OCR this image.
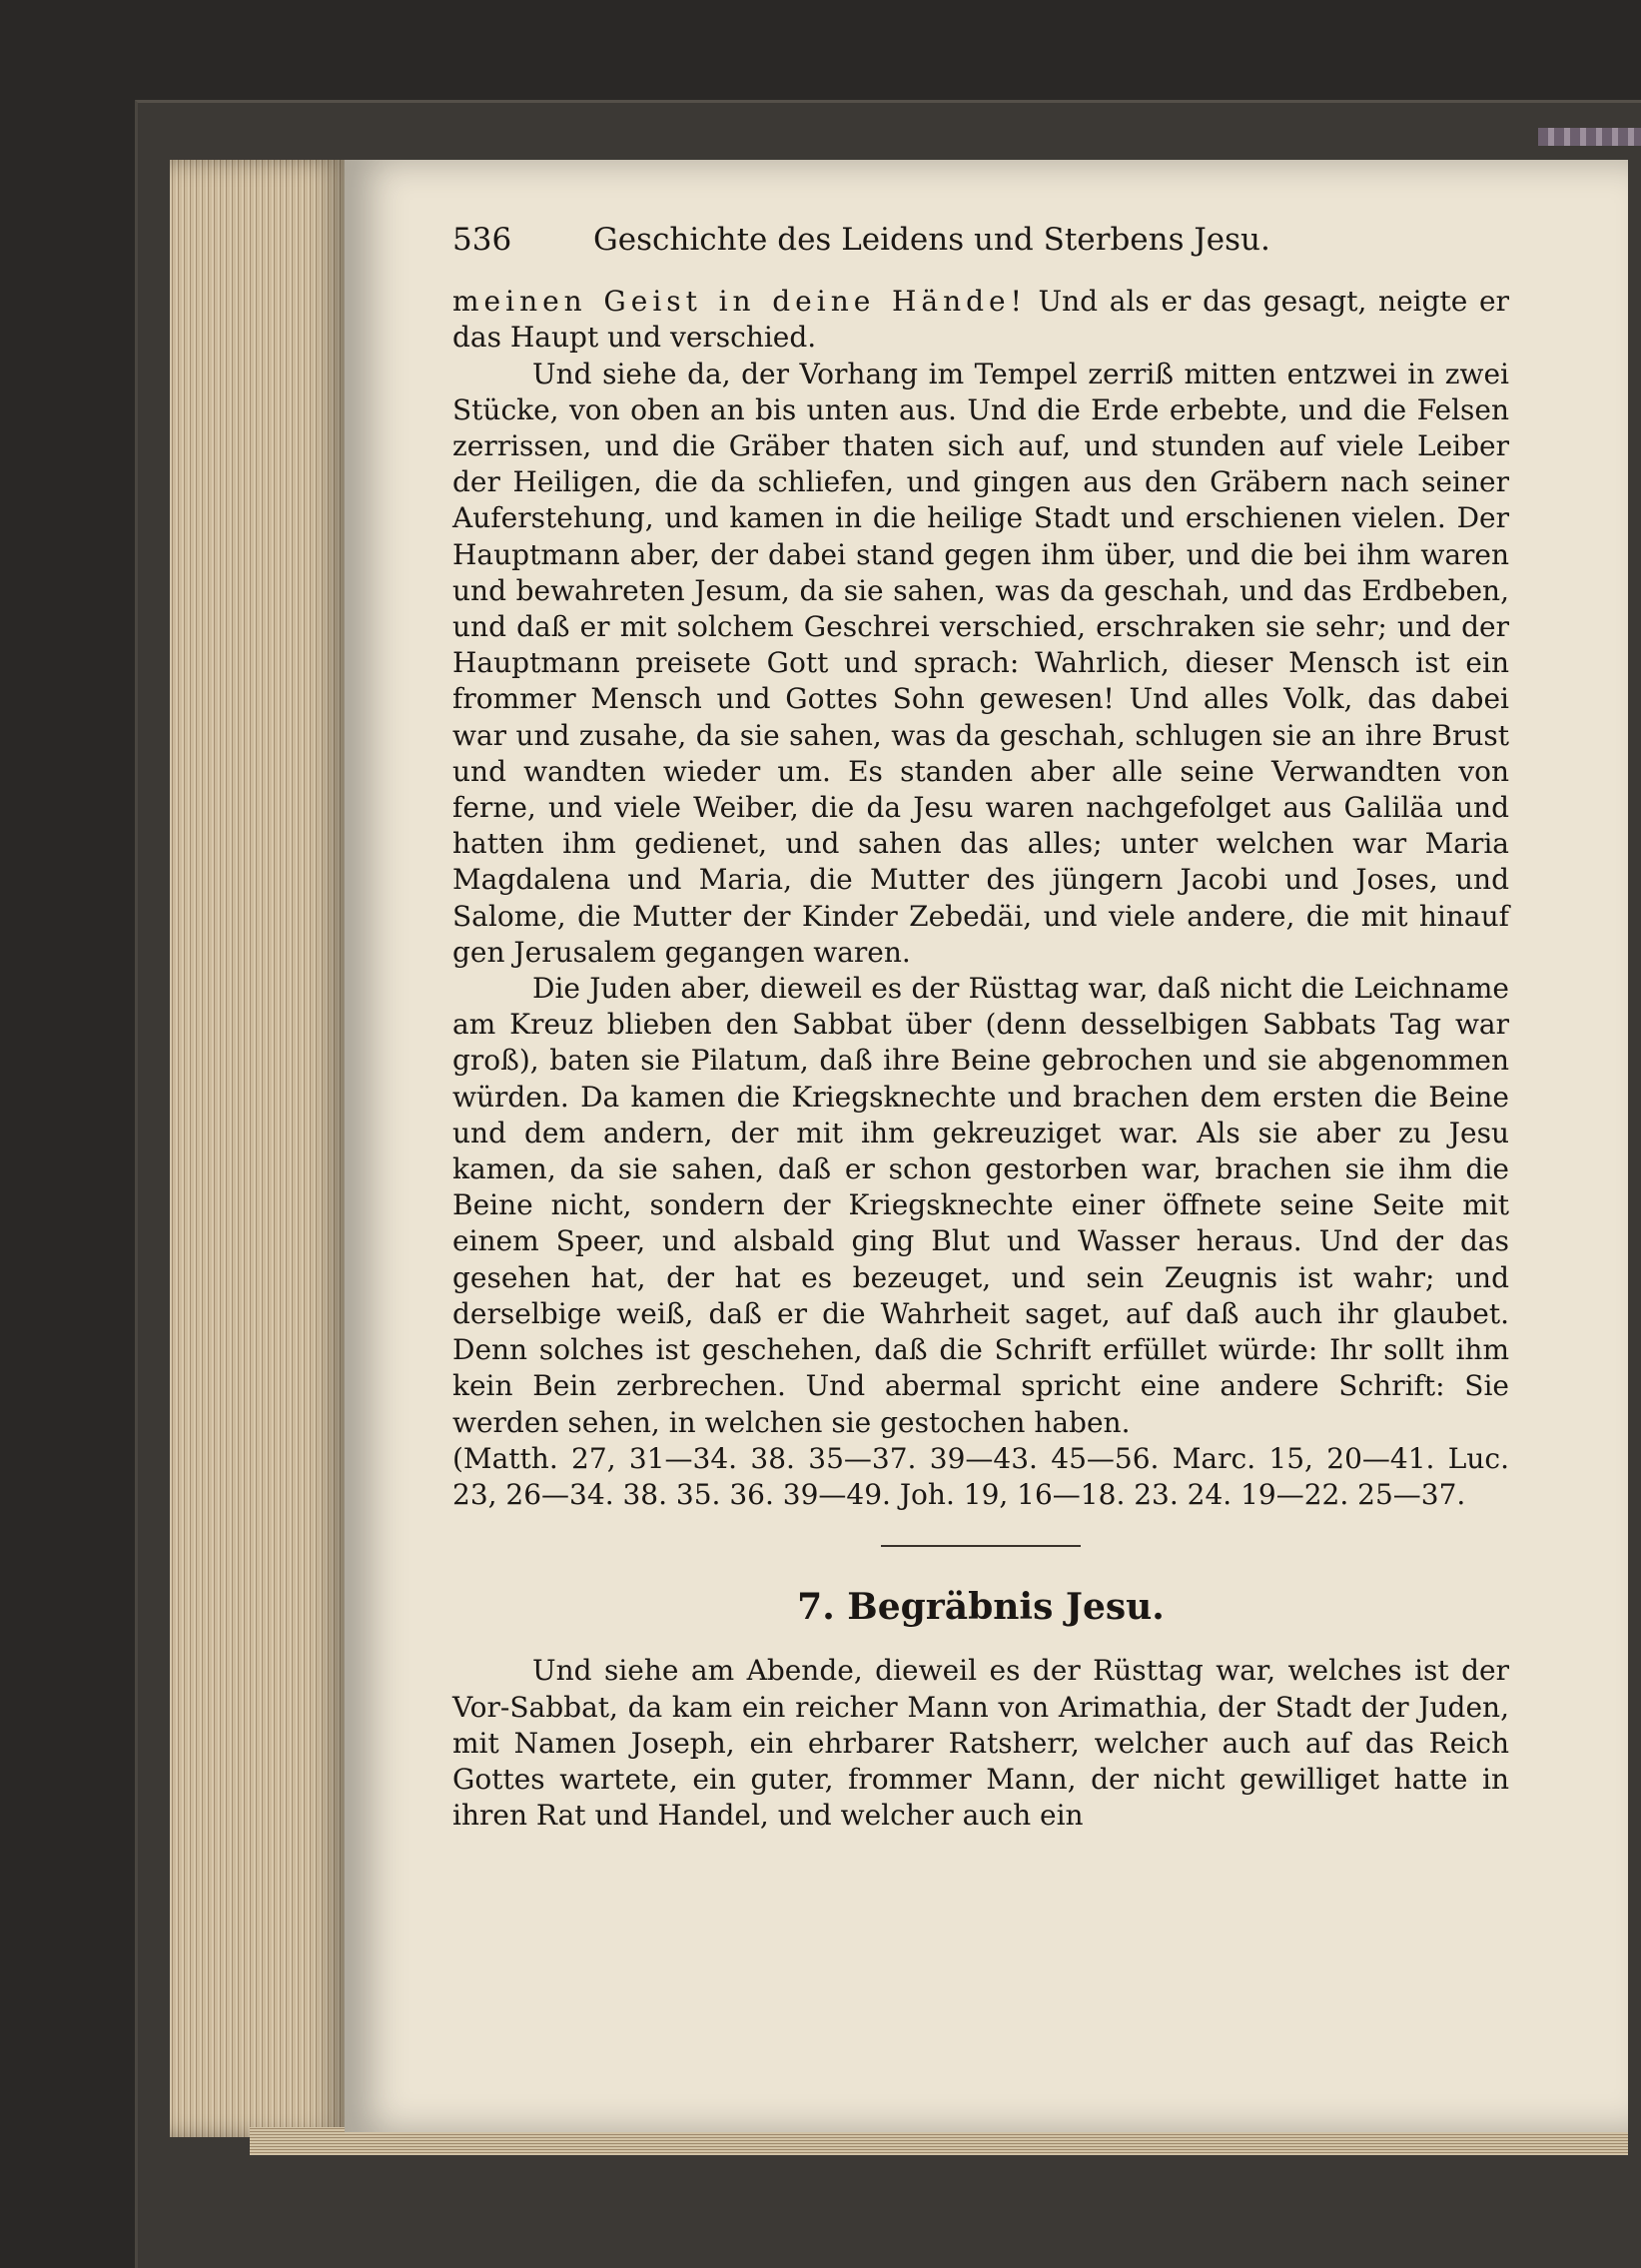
536	Geschichte des Leidens und Sterbens Jesu.

meinen Geist in deine Hände! Und als er das gesagt, neigte er das Haupt und verschied.

Und siehe da, der Vorhang im Tempel zerriß mitten entzwei in zwei Stücke, von oben an bis unten aus. Und die Erde erbebte, und die Felsen zerrissen, und die Gräber thaten sich auf, und stunden auf viele Leiber der Heiligen, die da schliefen, und gingen aus den Gräbern nach seiner Auferstehung, und kamen in die heilige Stadt und erschienen vielen. Der Hauptmann aber, der dabei stand gegen ihm über, und die bei ihm waren und bewahreten Jesum, da sie sahen, was da geschah, und das Erdbeben, und daß er mit solchem Geschrei verschied, erschraken sie sehr; und der Hauptmann preisete Gott und sprach: Wahrlich, dieser Mensch ist ein frommer Mensch und Gottes Sohn gewesen! Und alles Volk, das dabei war und zusahe, da sie sahen, was da geschah, schlugen sie an ihre Brust und wandten wieder um. Es standen aber alle seine Verwandten von ferne, und viele Weiber, die da Jesu waren nachgefolget aus Galiläa und hatten ihm gedienet, und sahen das alles; unter welchen war Maria Magdalena und Maria, die Mutter des jüngern Jacobi und Joses, und Salome, die Mutter der Kinder Zebedäi, und viele andere, die mit hinauf gen Jerusalem gegangen waren.

Die Juden aber, dieweil es der Rüsttag war, daß nicht die Leichname am Kreuz blieben den Sabbat über (denn desselbigen Sabbats Tag war groß), baten sie Pilatum, daß ihre Beine gebrochen und sie abgenommen würden. Da kamen die Kriegsknechte und brachen dem ersten die Beine und dem andern, der mit ihm gekreuziget war. Als sie aber zu Jesu kamen, da sie sahen, daß er schon gestorben war, brachen sie ihm die Beine nicht, sondern der Kriegsknechte einer öffnete seine Seite mit einem Speer, und alsbald ging Blut und Wasser heraus. Und der das gesehen hat, der hat es bezeuget, und sein Zeugnis ist wahr; und derselbige weiß, daß er die Wahrheit saget, auf daß auch ihr glaubet. Denn solches ist geschehen, daß die Schrift erfüllet würde: Ihr sollt ihm kein Bein zerbrechen. Und abermal spricht eine andere Schrift: Sie werden sehen, in welchen sie gestochen haben.

(Matth. 27, 31—34. 38. 35—37. 39—43. 45—56. Marc. 15, 20—41. Luc. 23, 26—34. 38. 35. 36. 39—49. Joh. 19, 16—18. 23. 24. 19—22. 25—37.

7. Begräbnis Jesu.

Und siehe am Abende, dieweil es der Rüsttag war, welches ist der Vor-Sabbat, da kam ein reicher Mann von Arimathia, der Stadt der Juden, mit Namen Joseph, ein ehrbarer Ratsherr, welcher auch auf das Reich Gottes wartete, ein guter, frommer Mann, der nicht gewilliget hatte in ihren Rat und Handel, und welcher auch ein
